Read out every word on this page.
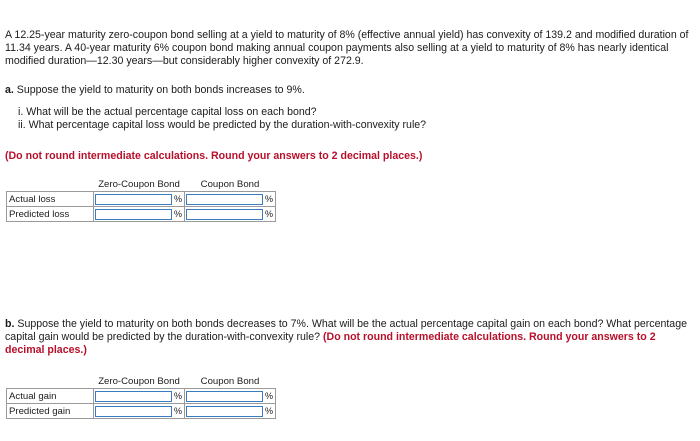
A 12.25-year maturity zero-coupon bond selling at a yield to maturity of 8% (effective annual yield) has convexity of 139.2 and modified duration of 11.34 years. A 40-year maturity 6% coupon bond making annual coupon payments also selling at a yield to maturity of 8% has nearly identical modified duration—12.30 years—but considerably higher convexity of 272.9.
a. Suppose the yield to maturity on both bonds increases to 9%.
i. What will be the actual percentage capital loss on each bond?
ii. What percentage capital loss would be predicted by the duration-with-convexity rule?
(Do not round intermediate calculations. Round your answers to 2 decimal places.)
	Zero-Coupon Bond	Coupon Bond
Actual loss	%	%

Predicted loss	%	%
b. Suppose the yield to maturity on both bonds decreases to 7%. What will be the actual percentage capital gain on each bond? What percentage capital gain would be predicted by the duration-with-convexity rule? (Do not round intermediate calculations. Round your answers to 2 decimal places.)
	Zero-Coupon Bond	Coupon Bond
Actual gain	%	%

Predicted gain	%	%
